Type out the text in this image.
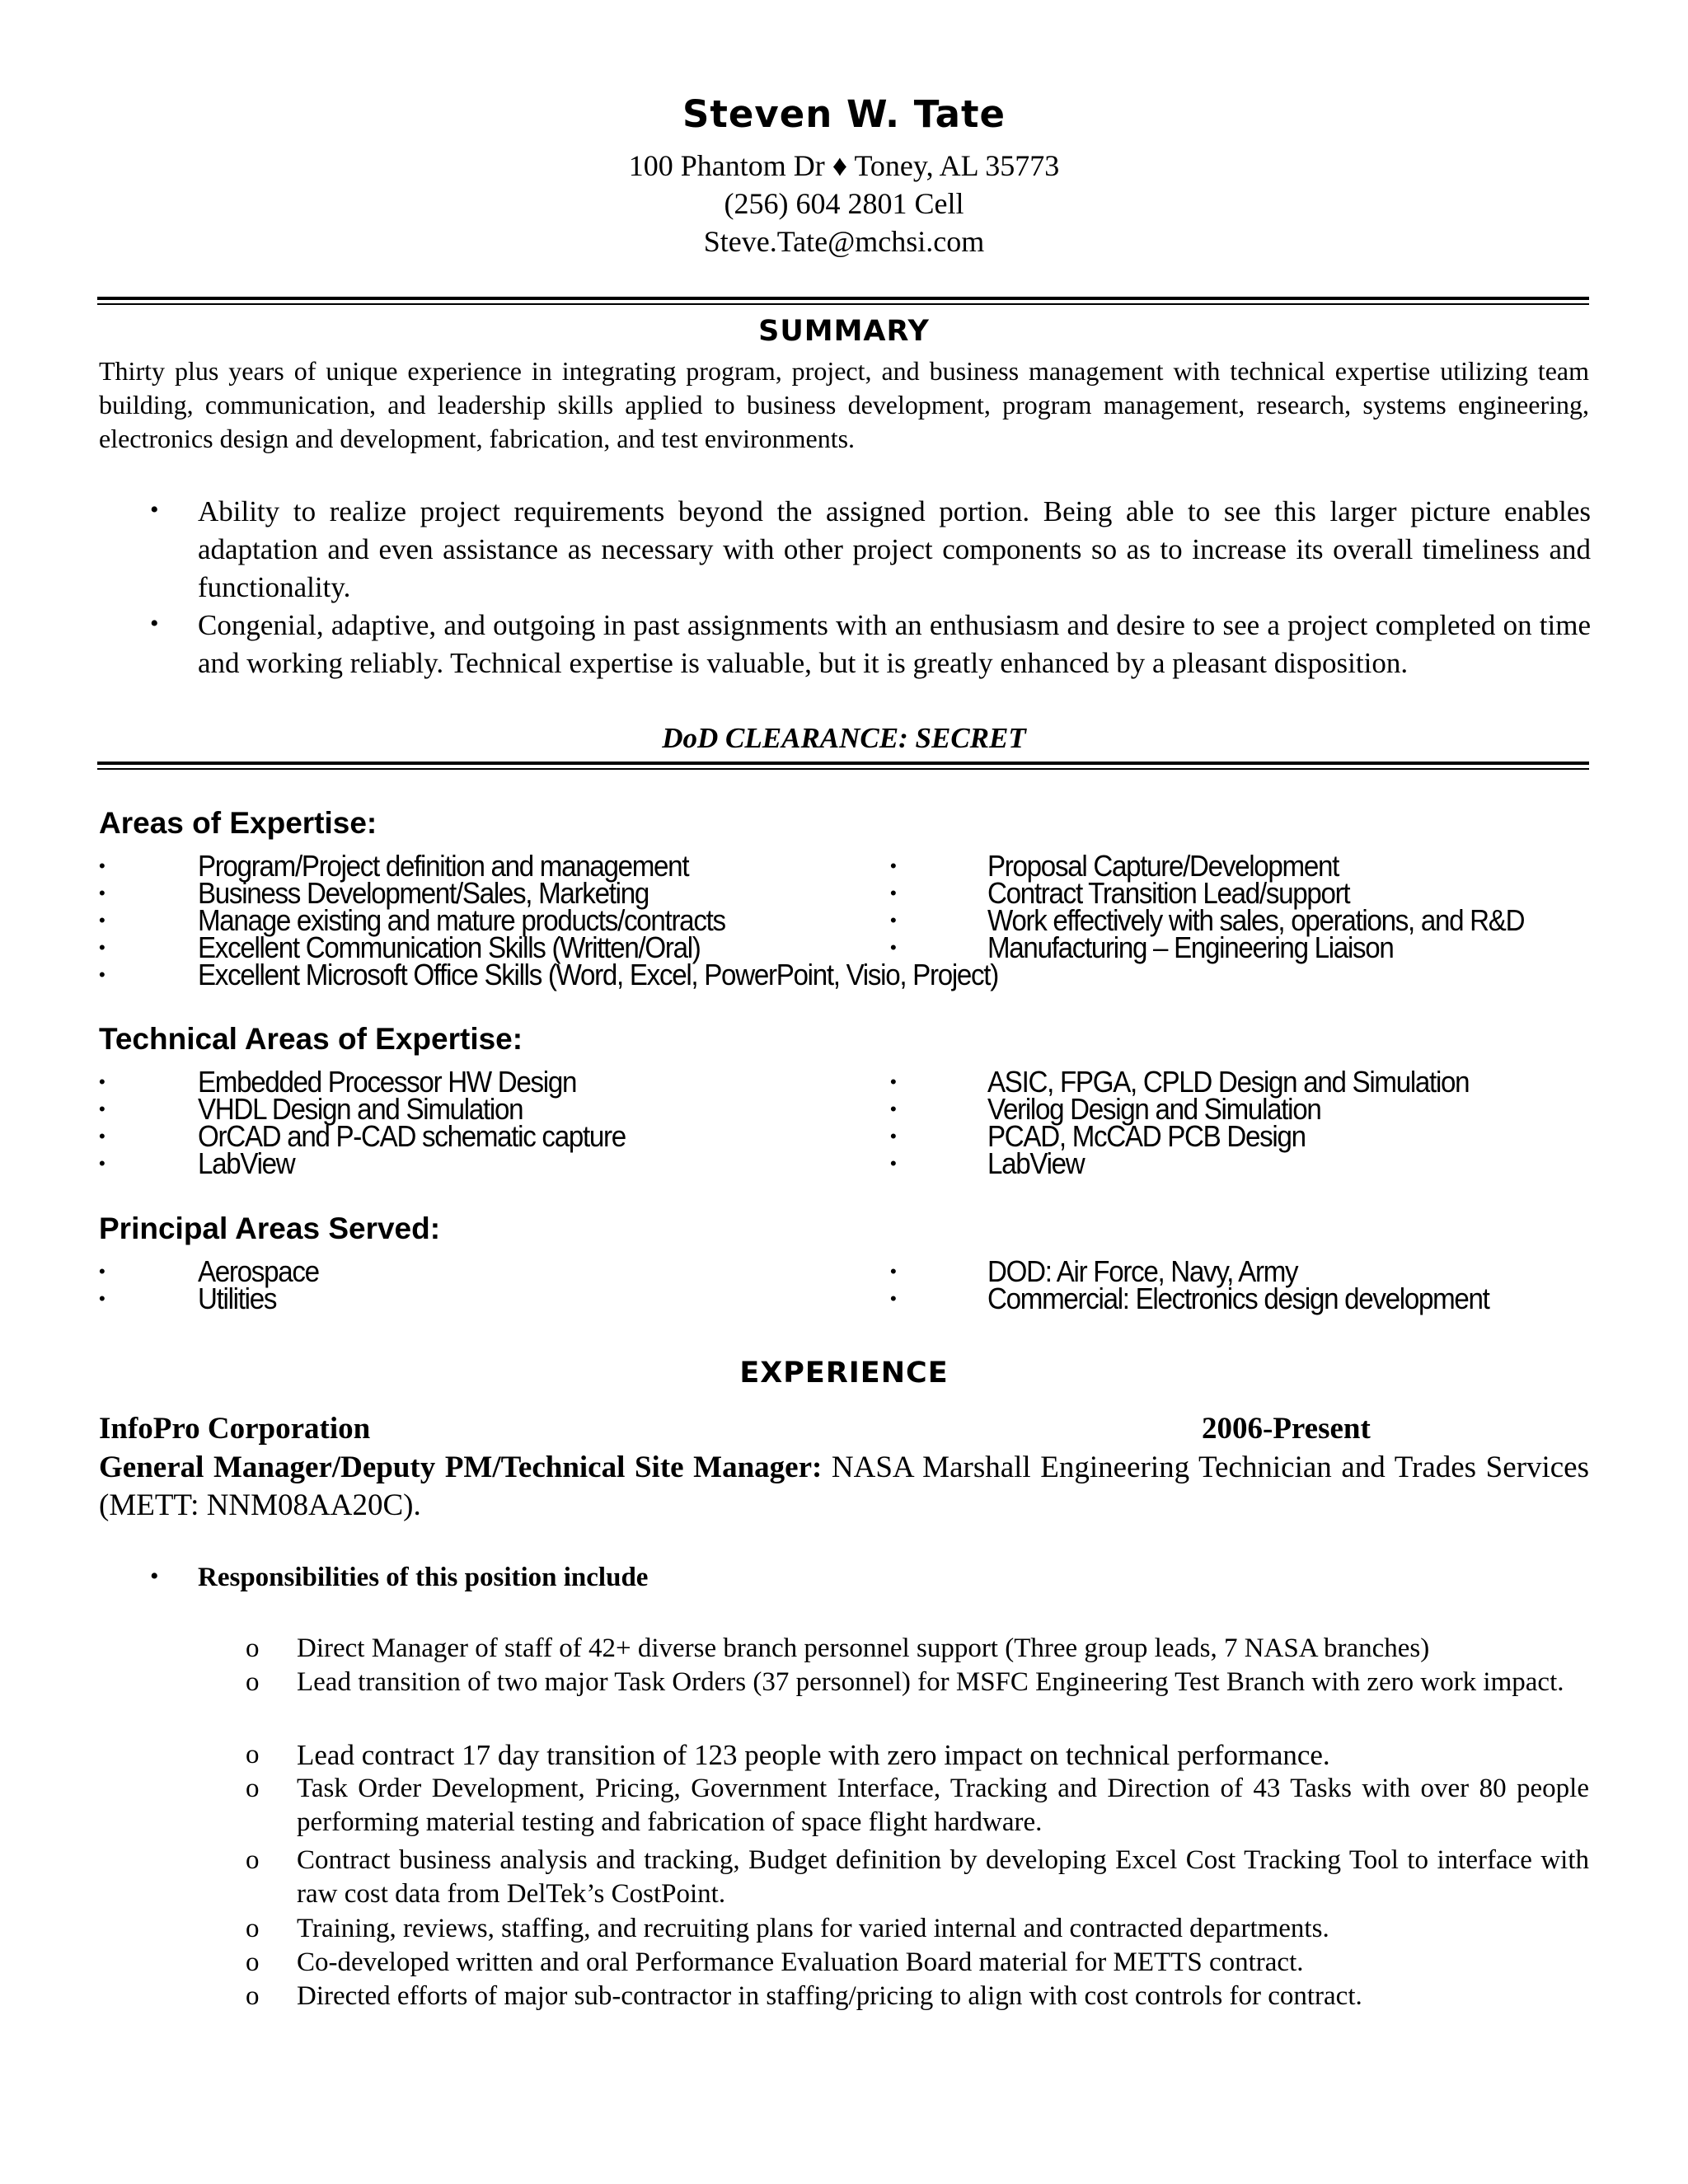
Steven W. Tate
100 Phantom Dr ♦ Toney, AL 35773
(256) 604 2801 Cell
Steve.Tate@mchsi.com
SUMMARY
Thirty plus years of unique experience in integrating program, project, and business management with technical expertise utilizing team building, communication, and leadership skills applied to business development, program management, research, systems engineering, electronics design and development, fabrication, and test environments.
• Ability to realize project requirements beyond the assigned portion. Being able to see this larger picture enables adaptation and even assistance as necessary with other project components so as to increase its overall timeliness and functionality.
• Congenial, adaptive, and outgoing in past assignments with an enthusiasm and desire to see a project completed on time and working reliably. Technical expertise is valuable, but it is greatly enhanced by a pleasant disposition.
DoD CLEARANCE: SECRET
Areas of Expertise:
•	Program/Project definition and management	•	Proposal Capture/Development
•	Business Development/Sales, Marketing	•	Contract Transition Lead/support
•	Manage existing and mature products/contracts	•	Work effectively with sales, operations, and R&D
•	Excellent Communication Skills (Written/Oral)	•	Manufacturing – Engineering Liaison
•	Excellent Microsoft Office Skills (Word, Excel, PowerPoint, Visio, Project)
Technical Areas of Expertise:
•	Embedded Processor HW Design	•	ASIC, FPGA, CPLD Design and Simulation
•	VHDL Design and Simulation	•	Verilog Design and Simulation
•	OrCAD and P-CAD schematic capture	•	PCAD, McCAD PCB Design
•	LabView	•	LabView
Principal Areas Served:
•	Aerospace	•	DOD: Air Force, Navy, Army
•	Utilities	•	Commercial: Electronics design development
EXPERIENCE
InfoPro Corporation	2006-Present
General Manager/Deputy PM/Technical Site Manager: NASA Marshall Engineering Technician and Trades Services (METT: NNM08AA20C).
• Responsibilities of this position include
o Direct Manager of staff of 42+ diverse branch personnel support (Three group leads, 7 NASA branches)
o Lead transition of two major Task Orders (37 personnel) for MSFC Engineering Test Branch with zero work impact.
o Lead contract 17 day transition of 123 people with zero impact on technical performance.
o Task Order Development, Pricing, Government Interface, Tracking and Direction of 43 Tasks with over 80 people performing material testing and fabrication of space flight hardware.
o Contract business analysis and tracking, Budget definition by developing Excel Cost Tracking Tool to interface with raw cost data from DelTek’s CostPoint.
o Training, reviews, staffing, and recruiting plans for varied internal and contracted departments.
o Co-developed written and oral Performance Evaluation Board material for METTS contract.
o Directed efforts of major sub-contractor in staffing/pricing to align with cost controls for contract.
